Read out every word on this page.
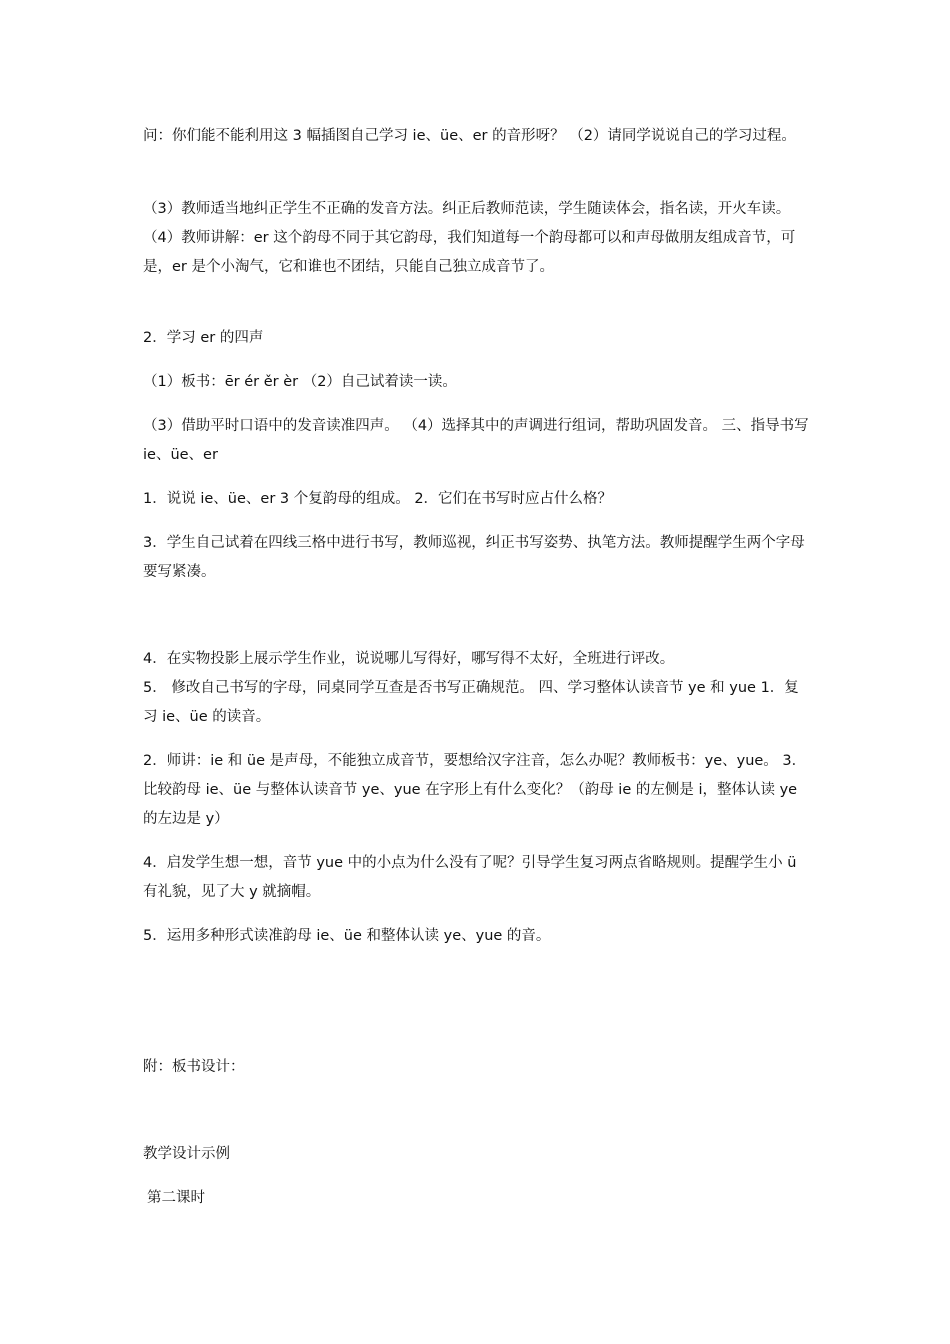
问：你们能不能利用这 3 幅插图自己学习 ie、üe、er 的音形呀？ （2）请同学说说自己的学习过程。

（3）教师适当地纠正学生不正确的发音方法。纠正后教师范读，学生随读体会，指名读，开火车读。 （4）教师讲解：er 这个韵母不同于其它韵母，我们知道每一个韵母都可以和声母做朋友组成音节，可是，er 是个小淘气，它和谁也不团结，只能自己独立成音节了。

2．学习 er 的四声

（1）板书：ēr ér ěr èr （2）自己试着读一读。

（3）借助平时口语中的发音读准四声。 （4）选择其中的声调进行组词，帮助巩固发音。 三、指导书写 ie、üe、er

1．说说 ie、üe、er 3 个复韵母的组成。 2．它们在书写时应占什么格？

3．学生自己试着在四线三格中进行书写，教师巡视，纠正书写姿势、执笔方法。教师提醒学生两个字母要写紧凑。

4．在实物投影上展示学生作业，说说哪儿写得好，哪写得不太好，全班进行评改。

5． 修改自己书写的字母，同桌同学互查是否书写正确规范。 四、学习整体认读音节 ye 和 yue 1．复习 ie、üe 的读音。

2．师讲：ie 和 üe 是声母，不能独立成音节，要想给汉字注音，怎么办呢？教师板书：ye、yue。 3．比较韵母 ie、üe 与整体认读音节 ye、yue 在字形上有什么变化？（韵母 ie 的左侧是 i，整体认读 ye 的左边是 y）

4．启发学生想一想，音节 yue 中的小点为什么没有了呢？引导学生复习两点省略规则。提醒学生小 ü 有礼貌，见了大 y 就摘帽。

5．运用多种形式读准韵母 ie、üe 和整体认读 ye、yue 的音。

附：板书设计：

教学设计示例

第二课时
